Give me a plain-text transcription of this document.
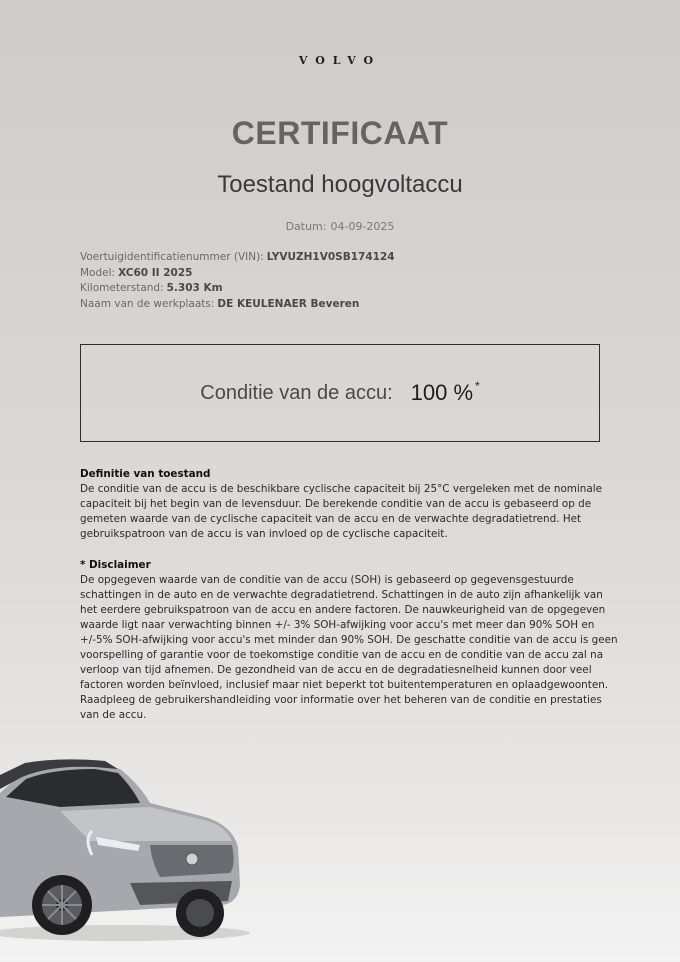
VOLVO
CERTIFICAAT
Toestand hoogvoltaccu
Datum: 04-09-2025
Voertuigidentificatienummer (VIN): LYVUZH1V0SB174124
Model: XC60 II 2025
Kilometerstand: 5.303 Km
Naam van de werkplaats: DE KEULENAER Beveren
Conditie van de accu: 100 % *
Definitie van toestand
De conditie van de accu is de beschikbare cyclische capaciteit bij 25°C vergeleken met de nominale capaciteit bij het begin van de levensduur. De berekende conditie van de accu is gebaseerd op de gemeten waarde van de cyclische capaciteit van de accu en de verwachte degradatietrend. Het gebruikspatroon van de accu is van invloed op de cyclische capaciteit.
* Disclaimer
De opgegeven waarde van de conditie van de accu (SOH) is gebaseerd op gegevensgestuurde schattingen in de auto en de verwachte degradatietrend. Schattingen in de auto zijn afhankelijk van het eerdere gebruikspatroon van de accu en andere factoren. De nauwkeurigheid van de opgegeven waarde ligt naar verwachting binnen +/- 3% SOH-afwijking voor accu's met meer dan 90% SOH en +/-5% SOH-afwijking voor accu's met minder dan 90% SOH. De geschatte conditie van de accu is geen voorspelling of garantie voor de toekomstige conditie van de accu en de conditie van de accu zal na verloop van tijd afnemen. De gezondheid van de accu en de degradatiesnelheid kunnen door veel factoren worden beïnvloed, inclusief maar niet beperkt tot buitentemperaturen en oplaadgewoonten. Raadpleeg de gebruikershandleiding voor informatie over het beheren van de conditie en prestaties van de accu.
